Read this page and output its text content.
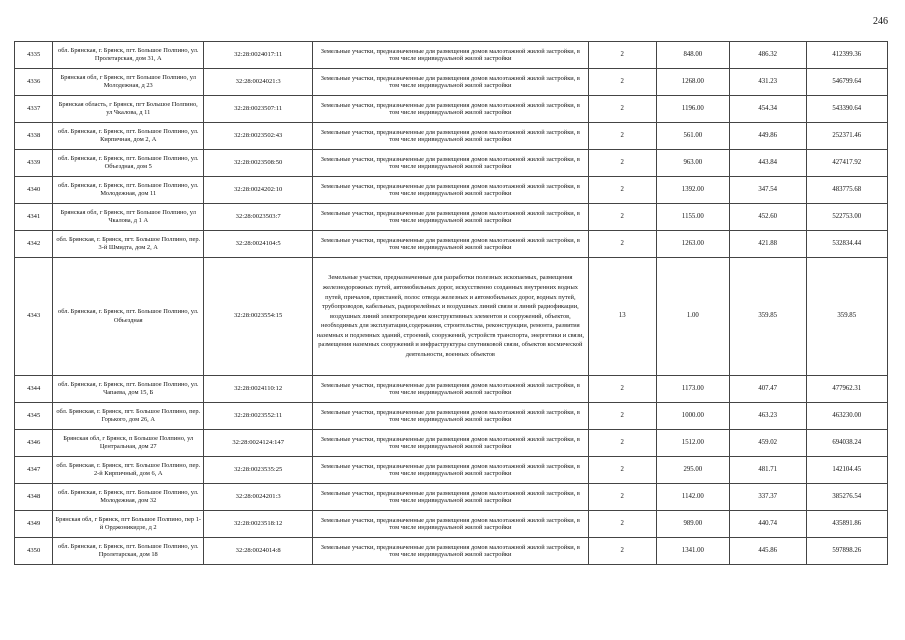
246
4335	обл. Брянская, г. Брянск, пгт. Большое Полпино, ул. Пролетарская, дом 31, А	32:28:0024017:11	Земельные участки, предназначенные для размещения домов малоэтажной жилой застройки, в том числе индивидуальной жилой застройки	2	848.00	486.32	412399.36
4336	Брянская обл, г Брянск, пгт Большое Полпино, ул Молодежная, д 23	32:28:0024021:3	Земельные участки, предназначенные для размещения домов малоэтажной жилой застройки, в том числе индивидуальной жилой застройки	2	1268.00	431.23	546799.64
4337	Брянская область, г Брянск, пгт Большое Полпино, ул Чкалова, д 11	32:28:0023507:11	Земельные участки, предназначенные для размещения домов малоэтажной жилой застройки, в том числе индивидуальной жилой застройки	2	1196.00	454.34	543390.64
4338	обл. Брянская, г. Брянск, пгт. Большое Полпино, ул. Кирпичная, дом 2, А	32:28:0023502:43	Земельные участки, предназначенные для размещения домов малоэтажной жилой застройки, в том числе индивидуальной жилой застройки	2	561.00	449.86	252371.46
4339	обл. Брянская, г. Брянск, пгт. Большое Полпино, ул. Объездная, дом 5	32:28:0023508:50	Земельные участки, предназначенные для размещения домов малоэтажной жилой застройки, в том числе индивидуальной жилой застройки	2	963.00	443.84	427417.92
4340	обл. Брянская, г. Брянск, пгт. Большое Полпино, ул. Молодежная, дом 11	32:28:0024202:10	Земельные участки, предназначенные для размещения домов малоэтажной жилой застройки, в том числе индивидуальной жилой застройки	2	1392.00	347.54	483775.68
4341	Брянская обл, г Брянск, пгт Большое Полпино, ул Чкалова, д 1 А	32:28:0023503:7	Земельные участки, предназначенные для размещения домов малоэтажной жилой застройки, в том числе индивидуальной жилой застройки	2	1155.00	452.60	522753.00
4342	обл. Брянская, г. Брянск, пгт. Большое Полпино, пер. 3-й Шмидта, дом 2, А	32:28:0024104:5	Земельные участки, предназначенные для размещения домов малоэтажной жилой застройки, в том числе индивидуальной жилой застройки	2	1263.00	421.88	532834.44
4343	обл. Брянская, г. Брянск, пгт. Большое Полпино, ул. Объездная	32:28:0023554:15	Земельные участки, предназначенные для разработки полезных ископаемых, размещения железнодорожных путей, автомобильных дорог, искусственно созданных внутренних водных путей, причалов, пристаней, полос отвода железных и автомобильных дорог, водных путей, трубопроводов, кабельных, радиорелейных и воздушных линий связи и линий радиофикации, воздушных линий электропередачи конструктивных элементов и сооружений, объектов, необходимых для эксплуатации,содержания, строительства, реконструкции, ремонта, развития наземных и подземных зданий, строений, сооружений, устройств транспорта, энергетики и связи, размещения наземных сооружений и инфраструктуры спутниковой связи, объектов космической деятельности, военных объектов	13	1.00	359.85	359.85
4344	обл. Брянская, г. Брянск, пгт. Большое Полпино, ул. Чапаева, дом 15, Б	32:28:0024110:12	Земельные участки, предназначенные для размещения домов малоэтажной жилой застройки, в том числе индивидуальной жилой застройки	2	1173.00	407.47	477962.31
4345	обл. Брянская, г. Брянск, пгт. Большое Полпино, пер. Горького, дом 26, А	32:28:0023552:11	Земельные участки, предназначенные для размещения домов малоэтажной жилой застройки, в том числе индивидуальной жилой застройки	2	1000.00	463.23	463230.00
4346	Брянская обл, г Брянск, п Большое Полпино, ул Центральная, дом 27	32:28:0024124:147	Земельные участки, предназначенные для размещения домов малоэтажной жилой застройки, в том числе индивидуальной жилой застройки	2	1512.00	459.02	694038.24
4347	обл. Брянская, г. Брянск, пгт. Большое Полпино, пер. 2-й Кирпичный, дом 6, А	32:28:0023535:25	Земельные участки, предназначенные для размещения домов малоэтажной жилой застройки, в том числе индивидуальной жилой застройки	2	295.00	481.71	142104.45
4348	обл. Брянская, г. Брянск, пгт. Большое Полпино, ул. Молодежная, дом 32	32:28:0024201:3	Земельные участки, предназначенные для размещения домов малоэтажной жилой застройки, в том числе индивидуальной жилой застройки	2	1142.00	337.37	385276.54
4349	Брянская обл, г Брянск, пгт Большое Полпино, пер 1-й Орджоникидзе, д 2	32:28:0023518:12	Земельные участки, предназначенные для размещения домов малоэтажной жилой застройки, в том числе индивидуальной жилой застройки	2	989.00	440.74	435891.86
4350	обл. Брянская, г. Брянск, пгт. Большое Полпино, ул. Пролетарская, дом 18	32:28:0024014:8	Земельные участки, предназначенные для размещения домов малоэтажной жилой застройки, в том числе индивидуальной жилой застройки	2	1341.00	445.86	597898.26
